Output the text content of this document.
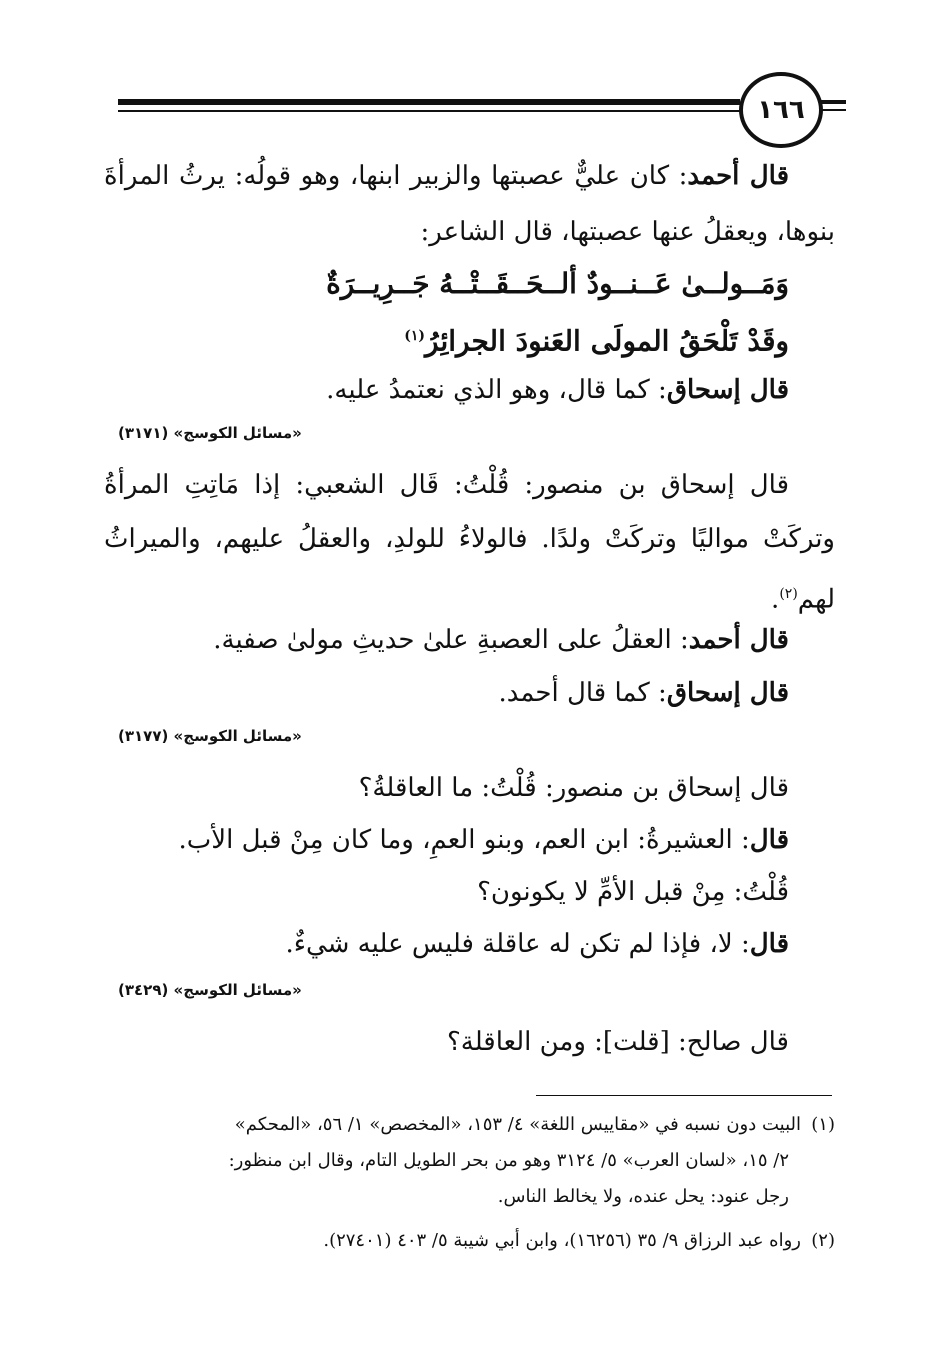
١٦٦
قال أحمد: كان عليٌّ عصبتها والزبير ابنها، وهو قولُه: يرثُ المرأةَ
بنوها، ويعقلُ عنها عصبتها، قال الشاعر:
وَمَــولــىٰ عَــنــودٌ ألــحَــقَــتْــهُ جَــرِيــرَةٌ
وقَدْ تَلْحَقُ المولَى العَنودَ الجرائِرُ$^{(١)}$
قال إسحاق: كما قال، وهو الذي نعتمدُ عليه.
«مسائل الكوسج» (٣١٧١)
قال إسحاق بن منصور: قُلْتُ: قَال الشعبي: إذا مَاتِتِ المرأةُ
وتركَتْ مواليًا وتركَتْ ولدًا. فالولاءُ للولدِ، والعقلُ عليهم، والميراثُ
لهم$^{(٢)}$.
قال أحمد: العقلُ على العصبةِ علىٰ حديثِ مولىٰ صفية.
قال إسحاق: كما قال أحمد.
«مسائل الكوسج» (٣١٧٧)
قال إسحاق بن منصور: قُلْتُ: ما العاقلةُ؟
قال: العشيرةُ: ابن العم، وبنو العمِ، وما كان مِنْ قبل الأب.
قُلْتُ: مِنْ قبل الأمِّ لا يكونون؟
قال: لا، فإذا لم تكن له عاقلة فليس عليه شيءٌ.
«مسائل الكوسج» (٣٤٢٩)
قال صالح: [قلت]: ومن العاقلة؟
(١)البيت دون نسبه في «مقاييس اللغة» ٤/ ١٥٣، «المخصص» ١/ ٥٦، «المحكم»
٢/ ١٥، «لسان العرب» ٥/ ٣١٢٤ وهو من بحر الطويل التام، وقال ابن منظور:
رجل عنود: يحل عنده، ولا يخالط الناس.
(٢)رواه عبد الرزاق ٩/ ٣٥ (١٦٢٥٦)، وابن أبي شيبة ٥/ ٤٠٣ (٢٧٤٠١).
